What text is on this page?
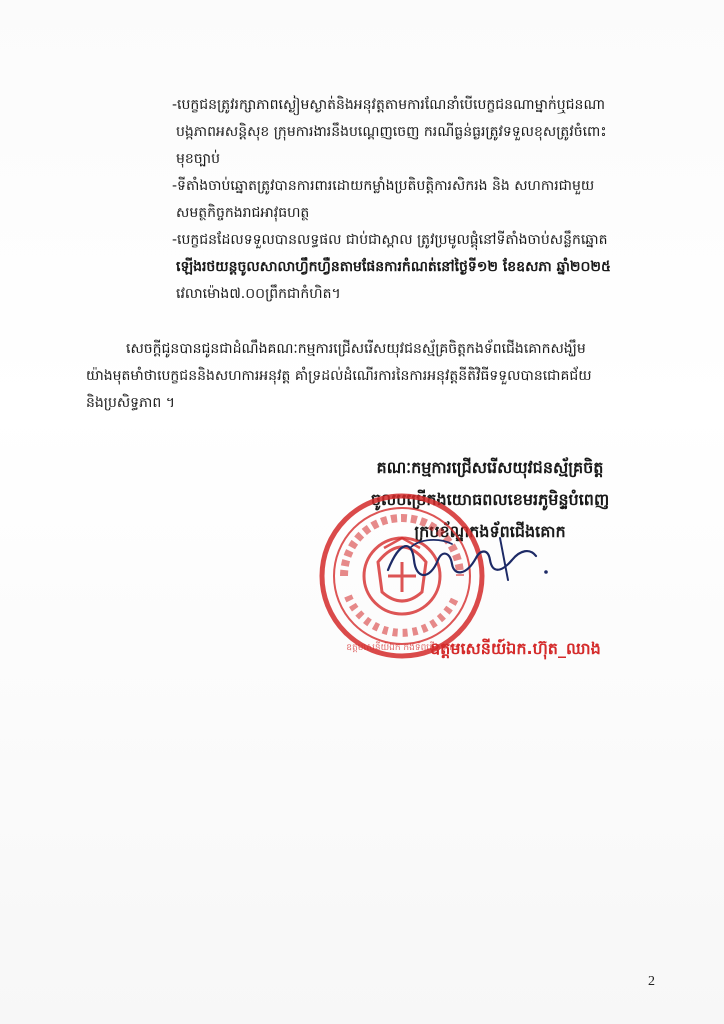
-បេក្ខជនត្រូវរក្សាភាពស្ងៀមស្ងាត់និងអនុវត្តតាមការណែនាំបើបេក្ខជនណាម្នាក់ឬជនណា
បង្កភាពអសន្តិសុខ ក្រុមការងារនឹងបណ្ដេញចេញ ករណីធ្ងន់ធ្ងរត្រូវទទួលខុសត្រូវចំពោះ
មុខច្បាប់
-ទីតាំងចាប់ឆ្នោតត្រូវបានការពារដោយកម្លាំងប្រតិបត្តិការសិករង និង សហការជាមួយ
សមត្ថកិច្ចកងរាជអាវុធហត្ថ
-បេក្ខជនដែលទទួលបានលទ្ធផល ជាប់ជាស្ពាល ត្រូវប្រមូលផ្តុំនៅទីតាំងចាប់សន្លឹកឆ្នោត
ឡើងរថយន្តចូលសាលាហ្វឹកហ្វឺនតាមផែនការកំណត់នៅថ្ងៃទី១២ ខែឧសភា ឆ្នាំ២០២៥
វេលាម៉ោង៧.០០ព្រឹកជាកំហិត។
សេចក្តីជូនបានជូនជាដំណឹងគណៈកម្មការជ្រើសរើសយុវជនស្ម័គ្រចិត្តកងទ័ពជើងគោកសង្ឃឹម
យ៉ាងមុតមាំថាបេក្ខជននិងសហការអនុវត្ត គាំទ្រដល់ដំណើរការនៃការអនុវត្តនីតិវិធីទទួលបានជោគជ័យ
និងប្រសិទ្ធភាព ។
គណៈកម្មការជ្រើសរើសយុវជនស្ម័គ្រចិត្ត
ចូលបម្រើកងយោធពលខេមរភូមិន្ទបំពេញ
ក្របខ័ណ្ឌកងទ័ពជើងគោក
ឧត្តមសេនីយ៍ឯក កងទ័ពជើងគោក
ឧត្តមសេនីយ៍ឯក.ហ៊ុត_ឈាង
2
